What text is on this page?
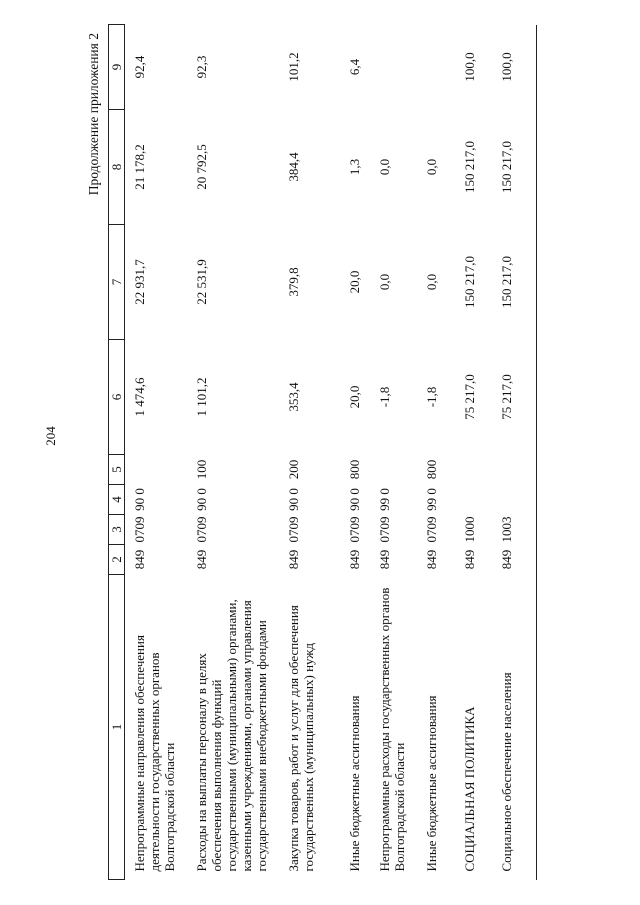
204
Продолжение приложения 2
1	2	3	4	5	6	7	8	9
Непрограммные направления обеспечения деятельности государственных органов Волгоградской области	849	0709	90 0		1 474,6	22 931,7	21 178,2	92,4
Расходы на выплаты персоналу в целях обеспечения выполнения функций государственными (муниципальными) органами, казенными учреждениями, органами управления государственными внебюджетными фондами	849	0709	90 0	100	1 101,2	22 531,9	20 792,5	92,3
Закупка товаров, работ и услуг для обеспечения государственных (муниципальных) нужд	849	0709	90 0	200	353,4	379,8	384,4	101,2
Иные бюджетные ассигнования	849	0709	90 0	800	20,0	20,0	1,3	6,4
Непрограммные расходы государственных органов Волгоградской области	849	0709	99 0		-1,8	0,0	0,0	
Иные бюджетные ассигнования	849	0709	99 0	800	-1,8	0,0	0,0	
СОЦИАЛЬНАЯ ПОЛИТИКА	849	1000			75 217,0	150 217,0	150 217,0	100,0
Социальное обеспечение населения	849	1003			75 217,0	150 217,0	150 217,0	100,0
